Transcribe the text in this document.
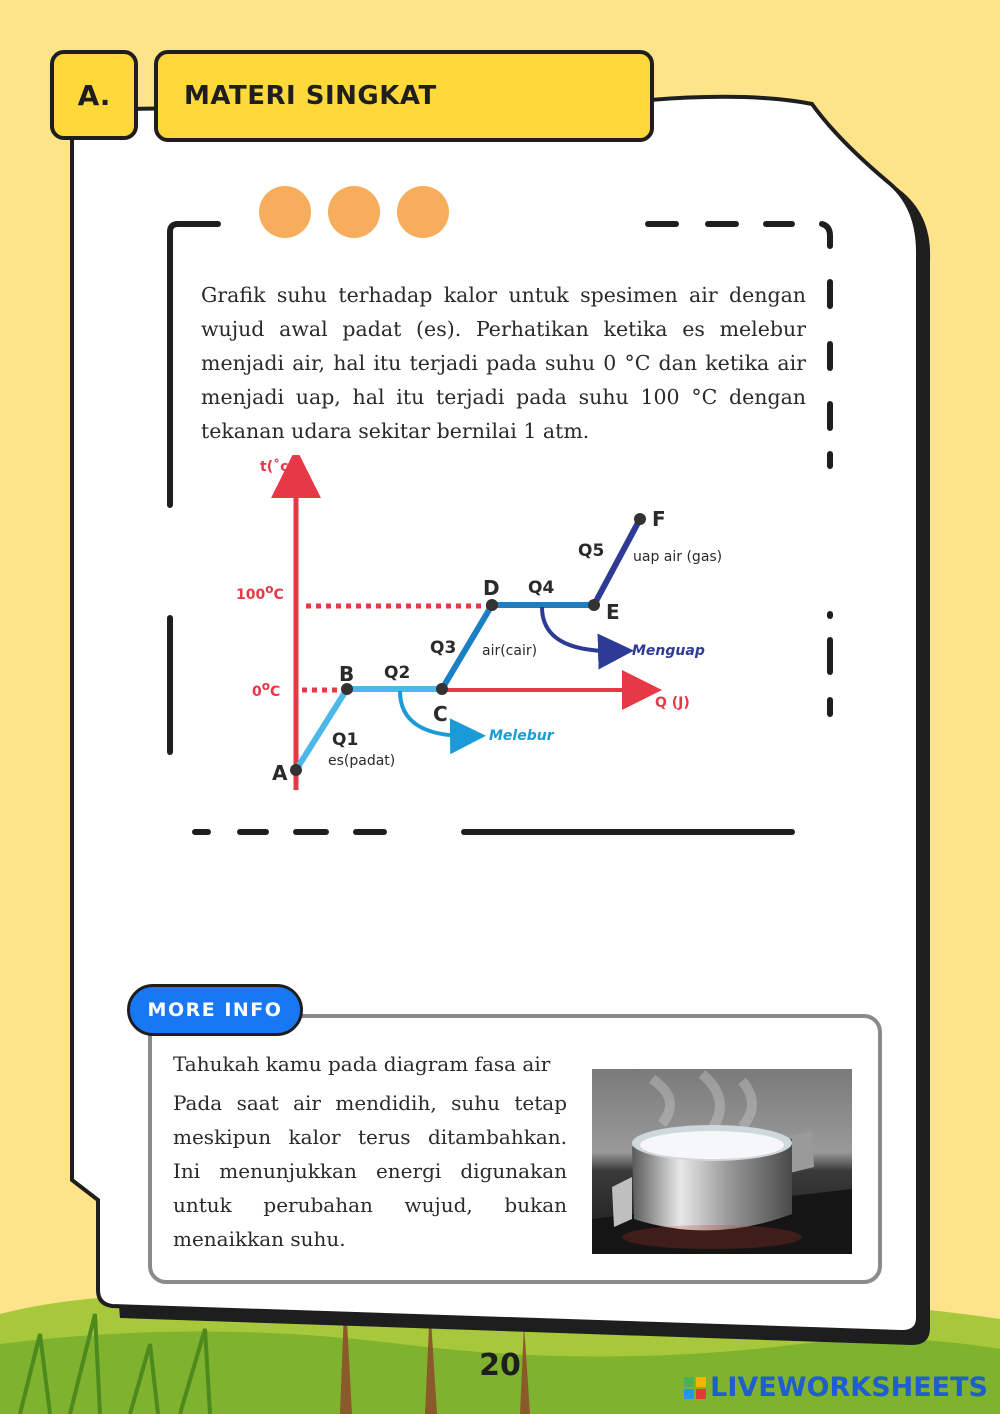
A.	MATERI SINGKAT

Grafik suhu terhadap kalor untuk spesimen air dengan wujud awal padat (es). Perhatikan ketika es melebur menjadi air, hal itu terjadi pada suhu 0 °C dan ketika air menjadi uap, hal itu terjadi pada suhu 100 °C dengan tekanan udara sekitar bernilai 1 atm.

t(˚c)
100oC
0oC
Q (J)
A
B
C
D
E
F
Q1
Q2
Q3
Q4
Q5
es(padat)
air(cair)
uap air (gas)
Melebur
Menguap
MORE INFO

Tahukah kamu pada diagram fasa air

Pada saat air mendidih, suhu tetap meskipun kalor terus ditambahkan. Ini menunjukkan energi digunakan untuk perubahan wujud, bukan menaikkan suhu.

20
LIVEWORKSHEETS
